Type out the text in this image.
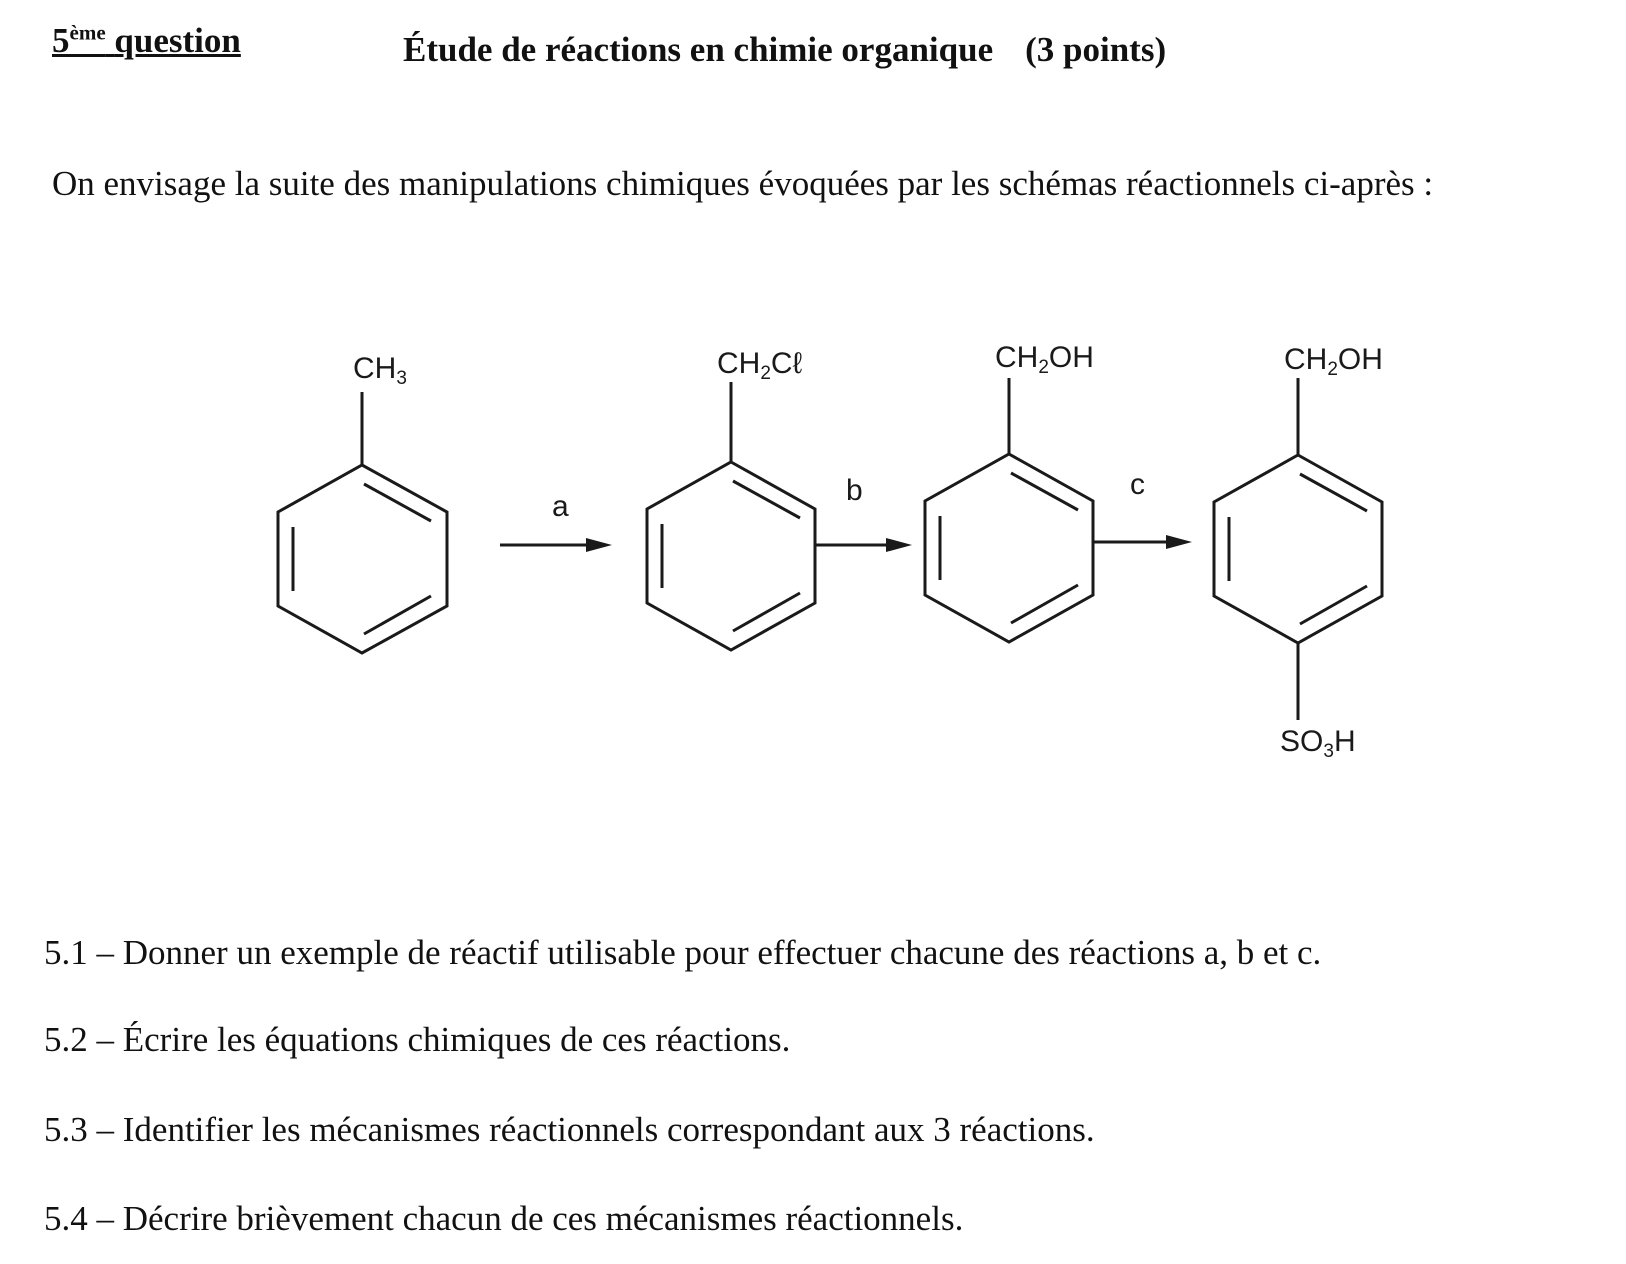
5ème question	Étude de réactions en chimie organique (3 points)
On envisage la suite des manipulations chimiques évoquées par les schémas réactionnels ci-après :
$CH_3$	$CH_2C\ell$	$CH_2OH$	$CH_2OH$
$SO_3H$
a	b	c
5.1 – Donner un exemple de réactif utilisable pour effectuer chacune des réactions a, b et c.
5.2 – Écrire les équations chimiques de ces réactions.
5.3 – Identifier les mécanismes réactionnels correspondant aux 3 réactions.
5.4 – Décrire brièvement chacun de ces mécanismes réactionnels.
